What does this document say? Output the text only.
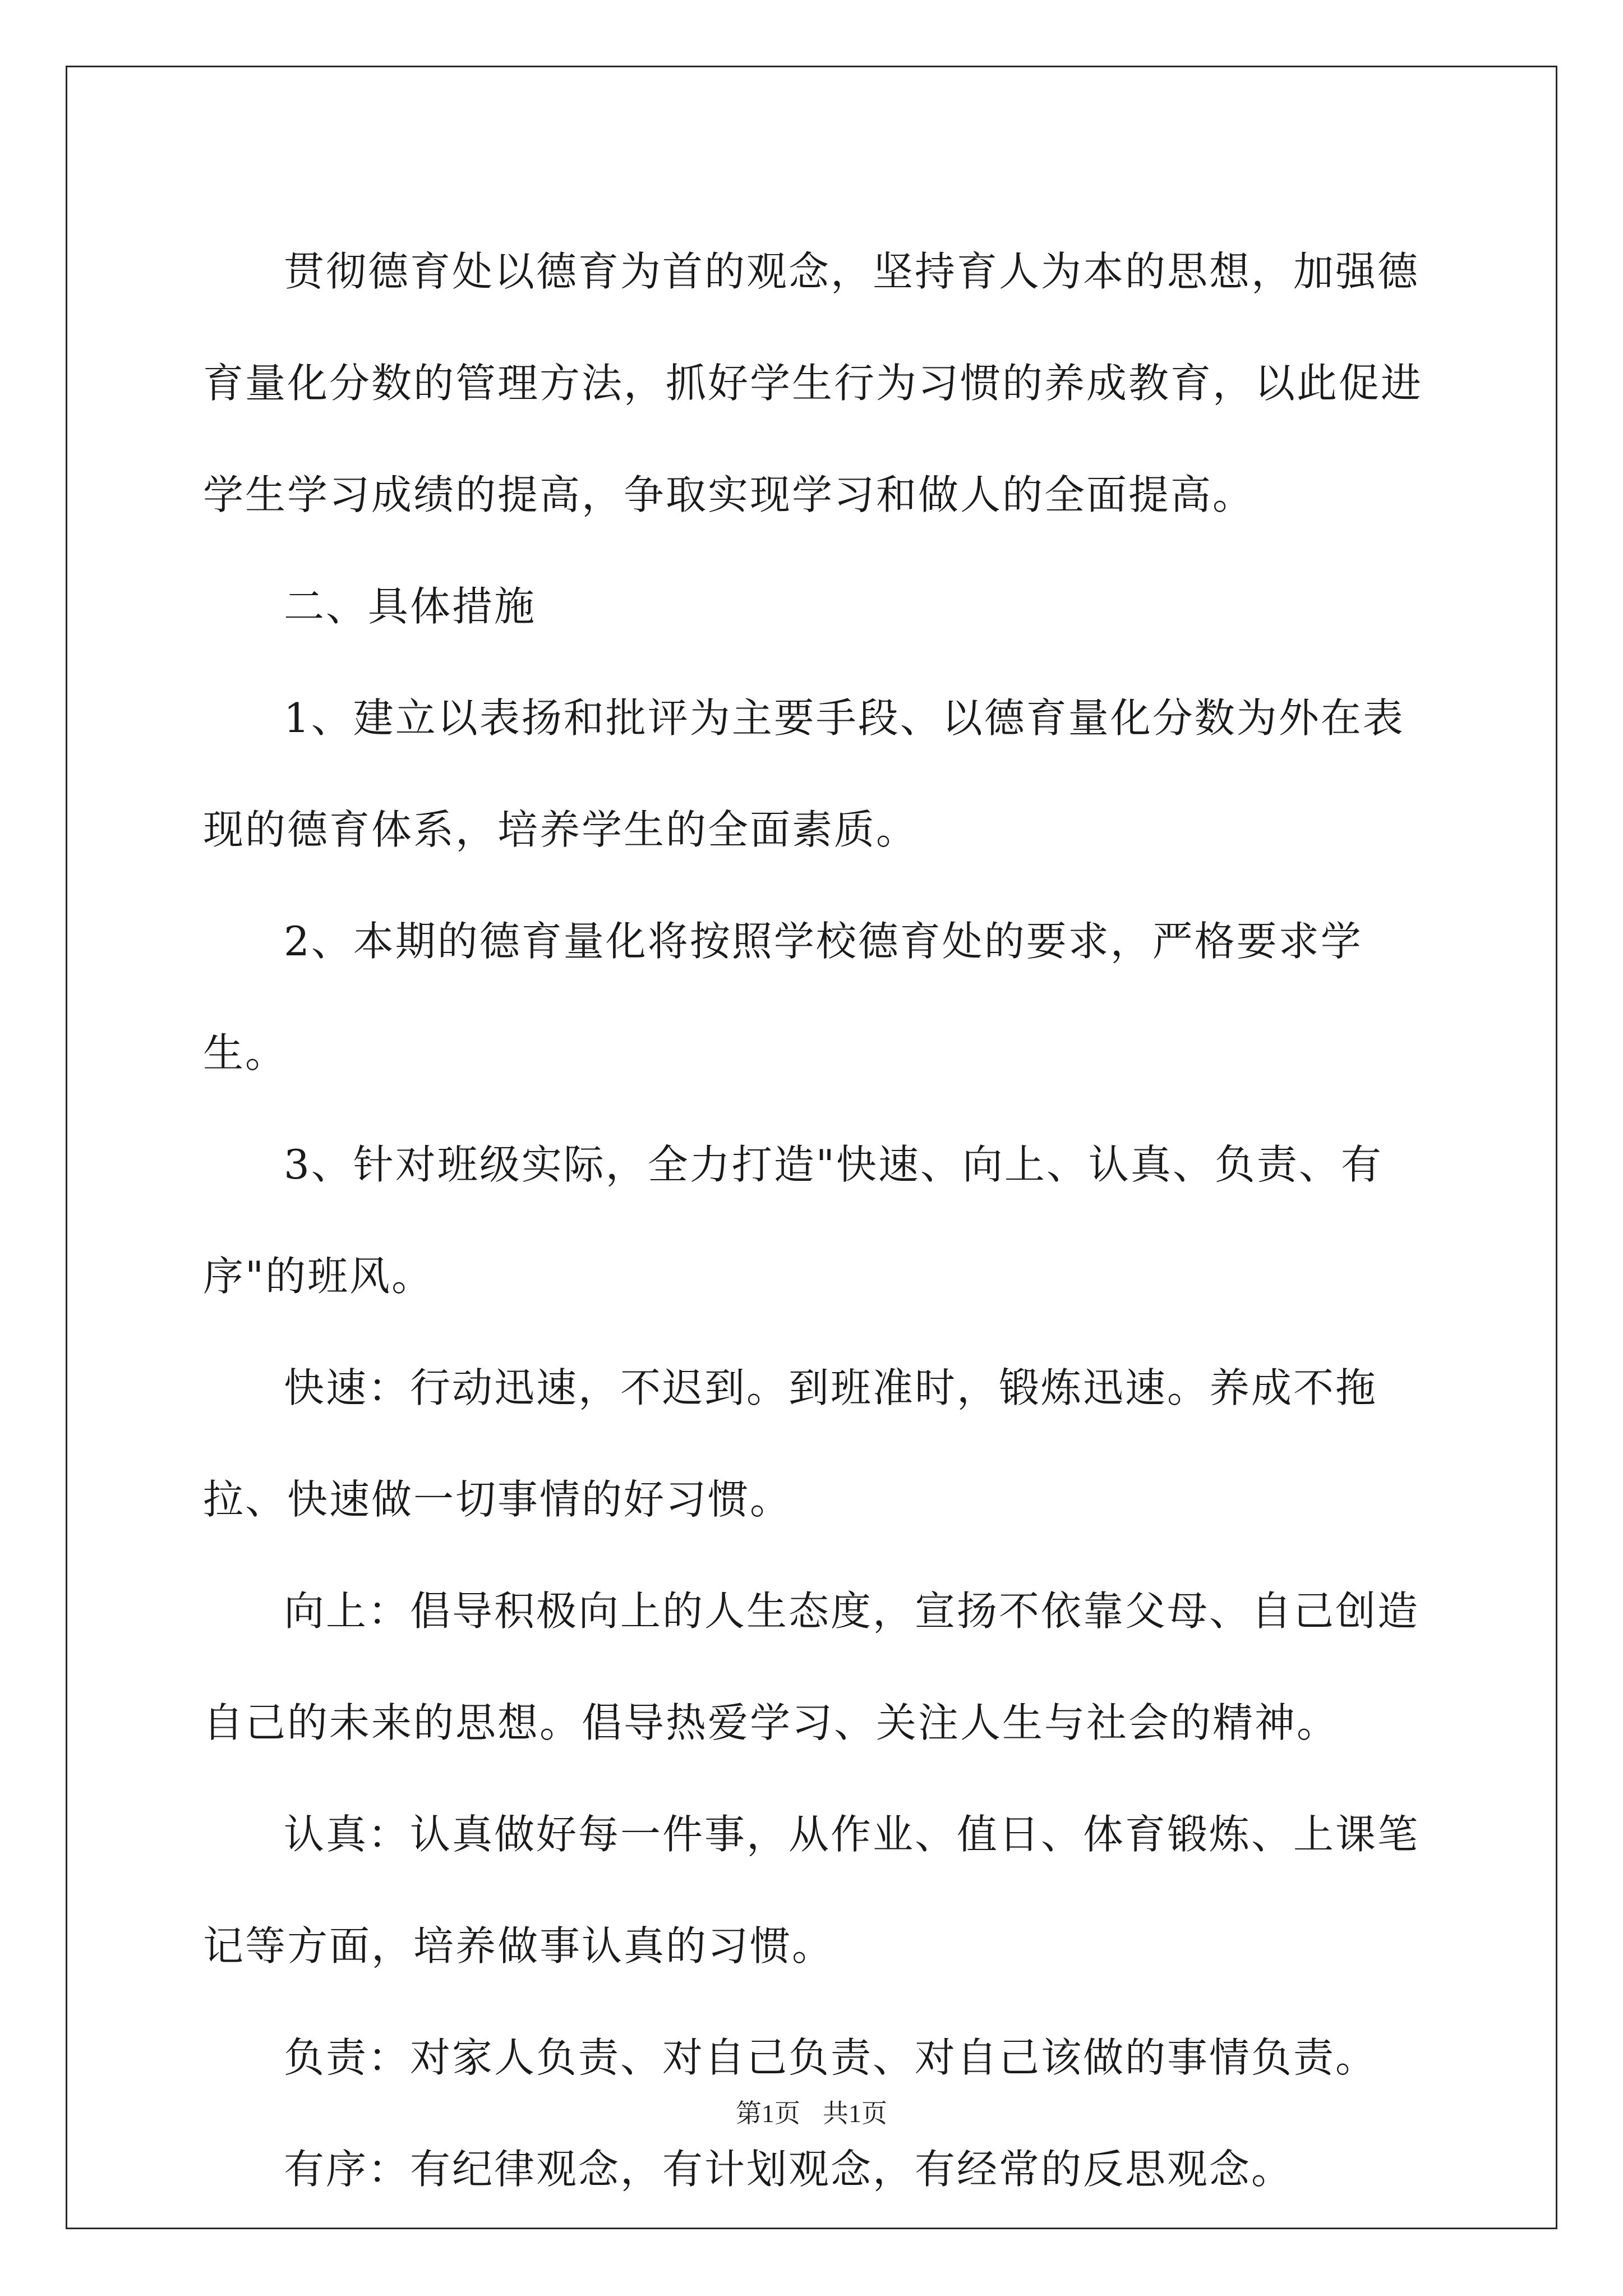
贯彻德育处以德育为首的观念，坚持育人为本的思想，加强德育量化分数的管理方法，抓好学生行为习惯的养成教育，以此促进学生学习成绩的提高，争取实现学习和做人的全面提高。

二、具体措施

1、建立以表扬和批评为主要手段、以德育量化分数为外在表现的德育体系，培养学生的全面素质。

2、本期的德育量化将按照学校德育处的要求，严格要求学生。

3、针对班级实际，全力打造"快速、向上、认真、负责、有序"的班风。

快速：行动迅速，不迟到。到班准时，锻炼迅速。养成不拖拉、快速做一切事情的好习惯。

向上：倡导积极向上的人生态度，宣扬不依靠父母、自己创造自己的未来的思想。倡导热爱学习、关注人生与社会的精神。

认真：认真做好每一件事，从作业、值日、体育锻炼、上课笔记等方面，培养做事认真的习惯。

负责：对家人负责、对自己负责、对自己该做的事情负责。

有序：有纪律观念，有计划观念，有经常的反思观念。

第1页 共1页
